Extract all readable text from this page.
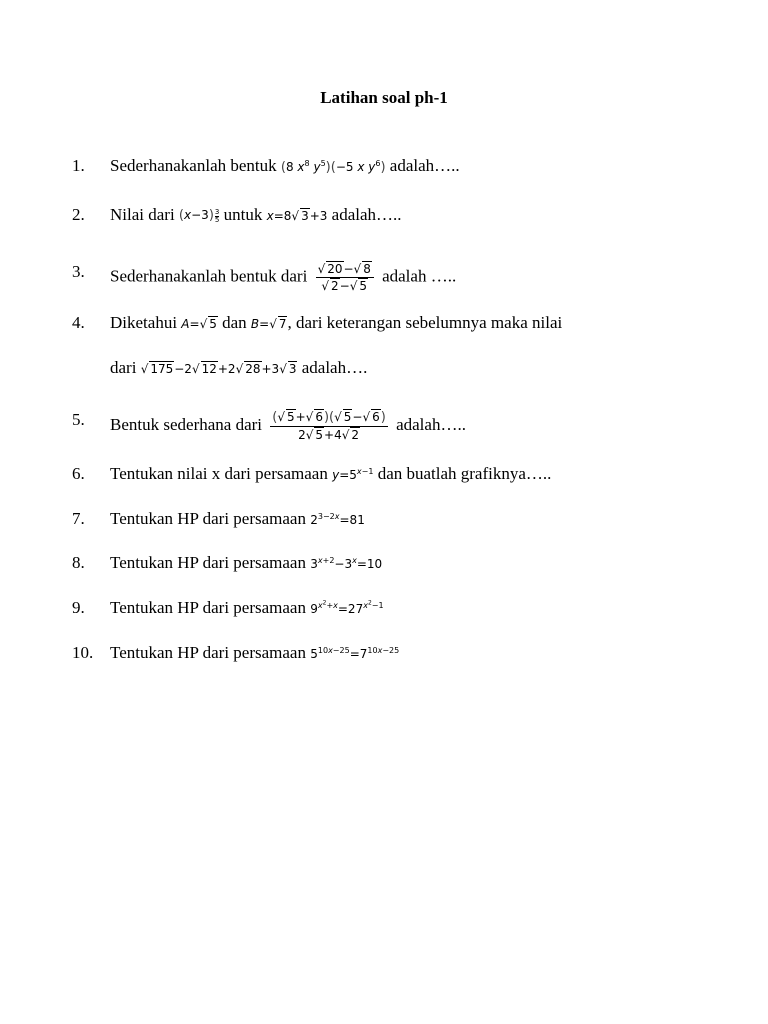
Latihan soal ph-1
1. Sederhanakanlah bentuk (8 $x^8$ $y^5)(-5$ x $y^6$) adalah…..
2. Nilai dari $(x-3) \frac{3}{5}$ untuk x=8√ 3+3 adalah…..
3. Sederhanakanlah bentuk dari $\frac{√ 20-√ 8}{√ 2-√ 5}$ adalah …..
4. Diketahui A=√ 5 dan B=√ 7, dari keterangan sebelumnya maka nilai
dari √ 175−2√ 12+2√ 28+3√ 3 adalah….
5. Bentuk sederhana dari $\frac{(√ 5+√ 6)(√ 5-√ 6)}{2√ 5+4√ 2}$ adalah…..
6. Tentukan nilai x dari persamaan $y=5^{x-1}$ dan buatlah grafiknya…..
7. Tentukan HP dari persamaan $2^{3-2x}=81$
8. Tentukan HP dari persamaan $3^{x+2}-3^x=10$
9. Tentukan HP dari persamaan $9^{x^2+x}=27^{x^2-1}$
10. Tentukan HP dari persamaan $5^{10x-25}=7^{10x-25}$
